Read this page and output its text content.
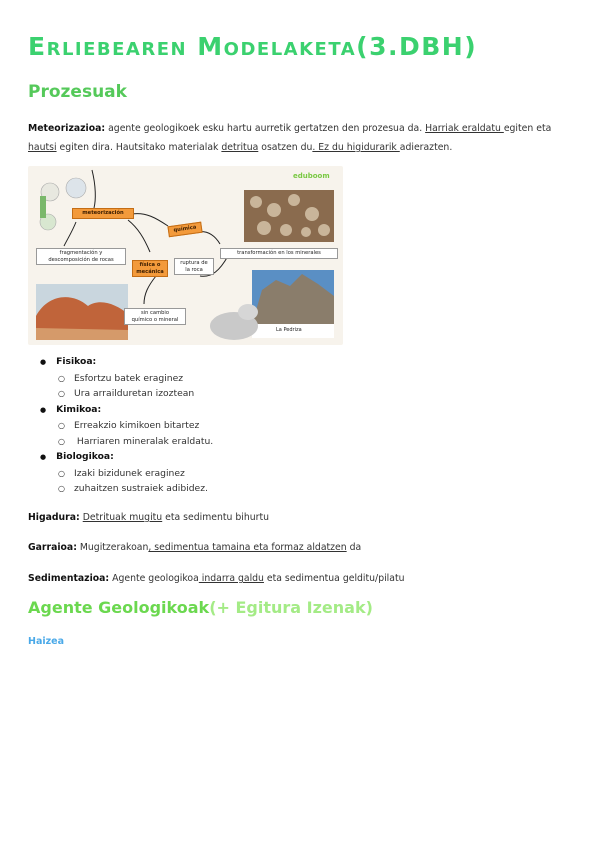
Erliebearen Modelaketa(3.DBH)
Prozesuak

Meteorizazioa: agente geologikoek esku hartu aurretik gertatzen den prozesua da. Harriak eraldatu egiten eta hautsi egiten dira. Hautsitako materialak detritua osatzen du. Ez du higidurarik adierazten.

eduboom
meteorización
química
fragmentación y
descomposición de rocas
física o
mecánica
ruptura de
la roca
transformación en los minerales
sin cambio
químico o mineral
La Pedriza
● Fisikoa:
○ Esfortzu batek eraginez
○ Ura arrailduretan izoztean
● Kimikoa:
○ Erreakzio kimikoen bitartez
○  Harriaren mineralak eraldatu.
● Biologikoa:
○ Izaki bizidunek eraginez
○ zuhaitzen sustraiek adibidez.

Higadura: Detrituak mugitu eta sedimentu bihurtu

Garraioa: Mugitzerakoan, sedimentua tamaina eta formaz aldatzen da

Sedimentazioa: Agente geologikoa indarra galdu eta sedimentua gelditu/pilatu

Agente Geologikoak(+ Egitura Izenak)
Haizea
